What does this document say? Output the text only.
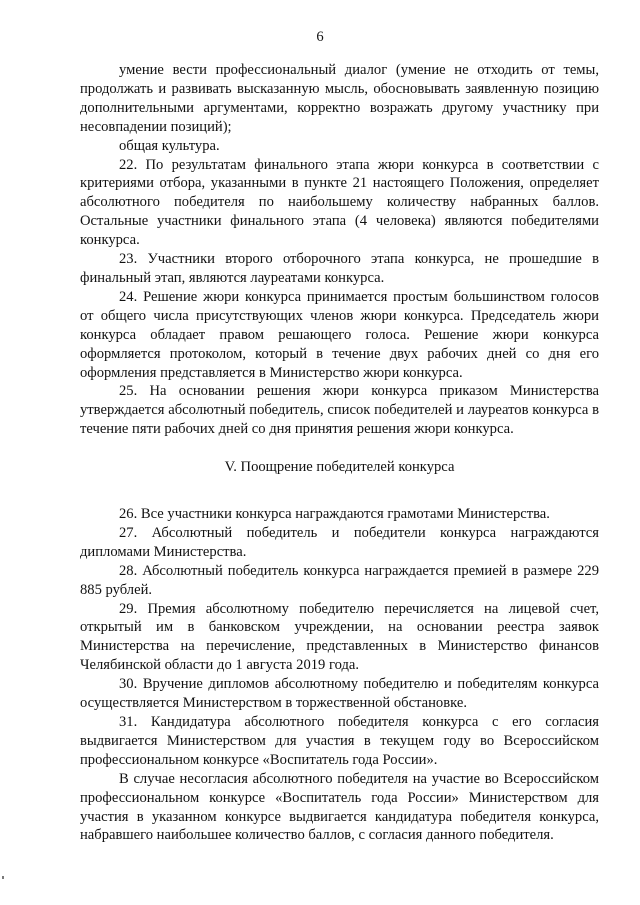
6

умение вести профессиональный диалог (умение не отходить от темы, продолжать и развивать высказанную мысль, обосновывать заявленную позицию дополнительными аргументами, корректно возражать другому участнику при несовпадении позиций);

общая культура.

22. По результатам финального этапа жюри конкурса в соответствии с критериями отбора, указанными в пункте 21 настоящего Положения, определяет абсолютного победителя по наибольшему количеству набранных баллов. Остальные участники финального этапа (4 человека) являются победителями конкурса.

23. Участники второго отборочного этапа конкурса, не прошедшие в финальный этап, являются лауреатами конкурса.

24. Решение жюри конкурса принимается простым большинством голосов от общего числа присутствующих членов жюри конкурса. Председатель жюри конкурса обладает правом решающего голоса. Решение жюри конкурса оформляется протоколом, который в течение двух рабочих дней со дня его оформления представляется в Министерство жюри конкурса.

25. На основании решения жюри конкурса приказом Министерства утверждается абсолютный победитель, список победителей и лауреатов конкурса в течение пяти рабочих дней со дня принятия решения жюри конкурса.

V. Поощрение победителей конкурса

26. Все участники конкурса награждаются грамотами Министерства.

27. Абсолютный победитель и победители конкурса награждаются дипломами Министерства.

28. Абсолютный победитель конкурса награждается премией в размере 229 885 рублей.

29. Премия абсолютному победителю перечисляется на лицевой счет, открытый им в банковском учреждении, на основании реестра заявок Министерства на перечисление, представленных в Министерство финансов Челябинской области до 1 августа 2019 года.

30. Вручение дипломов абсолютному победителю и победителям конкурса осуществляется Министерством в торжественной обстановке.

31. Кандидатура абсолютного победителя конкурса с его согласия выдвигается Министерством для участия в текущем году во Всероссийском профессиональном конкурсе «Воспитатель года России».

В случае несогласия абсолютного победителя на участие во Всероссийском профессиональном конкурсе «Воспитатель года России» Министерством для участия в указанном конкурсе выдвигается кандидатура победителя конкурса, набравшего наибольшее количество баллов, с согласия данного победителя.
